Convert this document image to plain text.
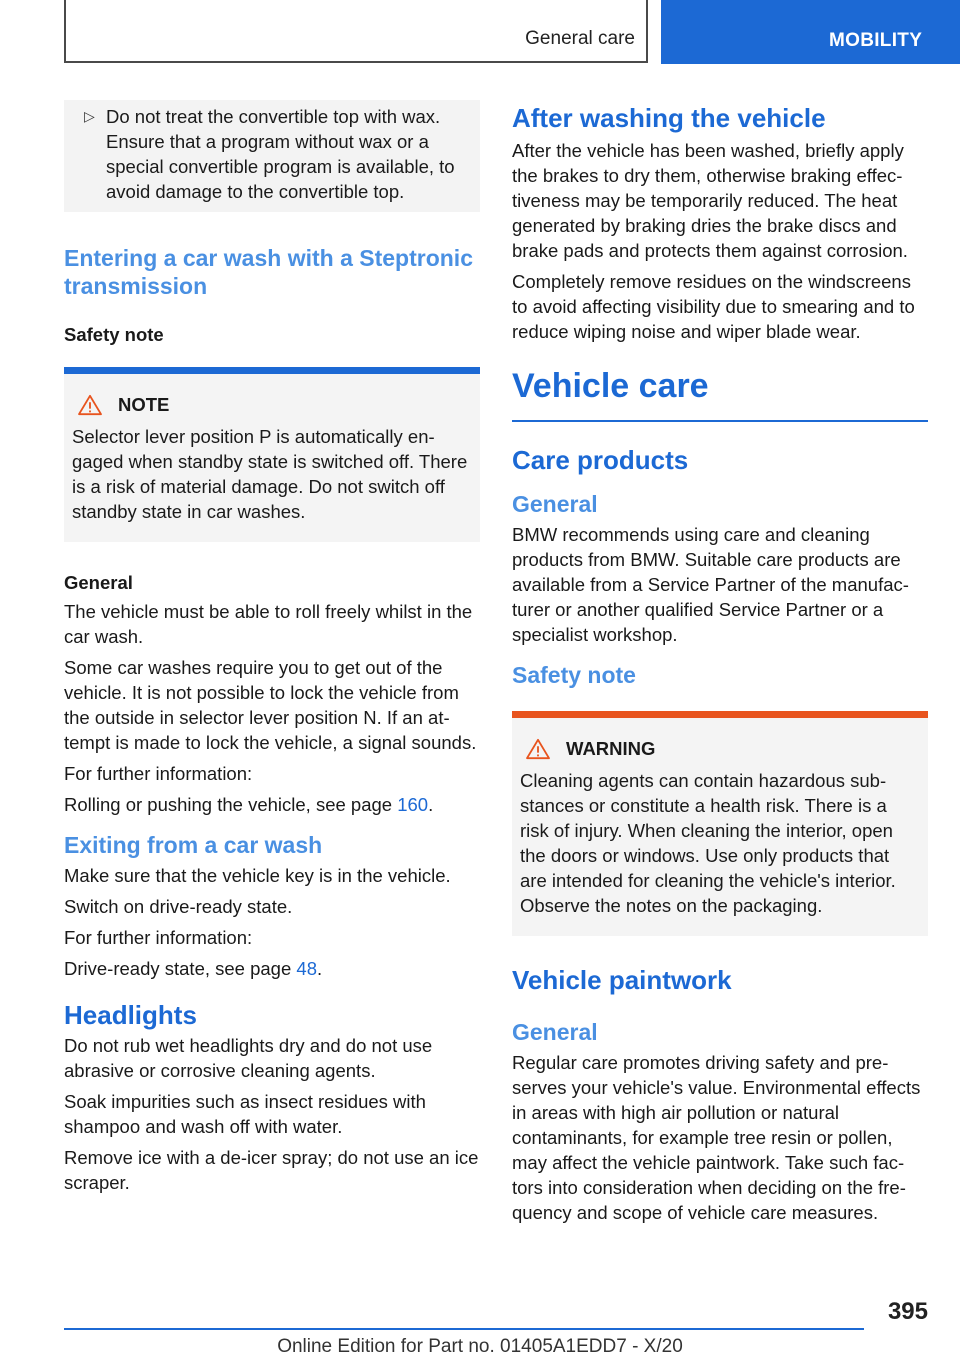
General care	MOBILITY
▷ Do not treat the convertible top with wax. Ensure that a program without wax or a special convertible program is available, to avoid damage to the convertible top.

Entering a car wash with a Steptronic transmission
Safety note
NOTE

Selector lever position P is automatically engaged when standby state is switched off. There is a risk of material damage. Do not switch off standby state in car washes.

General

The vehicle must be able to roll freely whilst in the car wash.

Some car washes require you to get out of the vehicle. It is not possible to lock the vehicle from the outside in selector lever position N. If an attempt is made to lock the vehicle, a signal sounds.

For further information:

Rolling or pushing the vehicle, see page 160.

Exiting from a car wash

Make sure that the vehicle key is in the vehicle.

Switch on drive-ready state.

For further information:

Drive-ready state, see page 48.

Headlights

Do not rub wet headlights dry and do not use abrasive or corrosive cleaning agents.

Soak impurities such as insect residues with shampoo and wash off with water.

Remove ice with a de-icer spray; do not use an ice scraper.

After washing the vehicle

After the vehicle has been washed, briefly apply the brakes to dry them, otherwise braking effectiveness may be temporarily reduced. The heat generated by braking dries the brake discs and brake pads and protects them against corrosion.

Completely remove residues on the windscreens to avoid affecting visibility due to smearing and to reduce wiping noise and wiper blade wear.

Vehicle care
Care products
General

BMW recommends using care and cleaning products from BMW. Suitable care products are available from a Service Partner of the manufacturer or another qualified Service Partner or a specialist workshop.

Safety note
WARNING

Cleaning agents can contain hazardous substances or constitute a health risk. There is a risk of injury. When cleaning the interior, open the doors or windows. Use only products that are intended for cleaning the vehicle's interior. Observe the notes on the packaging.

Vehicle paintwork
General

Regular care promotes driving safety and preserves your vehicle's value. Environmental effects in areas with high air pollution or natural contaminants, for example tree resin or pollen, may affect the vehicle paintwork. Take such factors into consideration when deciding on the frequency and scope of vehicle care measures.

395
Online Edition for Part no. 01405A1EDD7 - X/20
